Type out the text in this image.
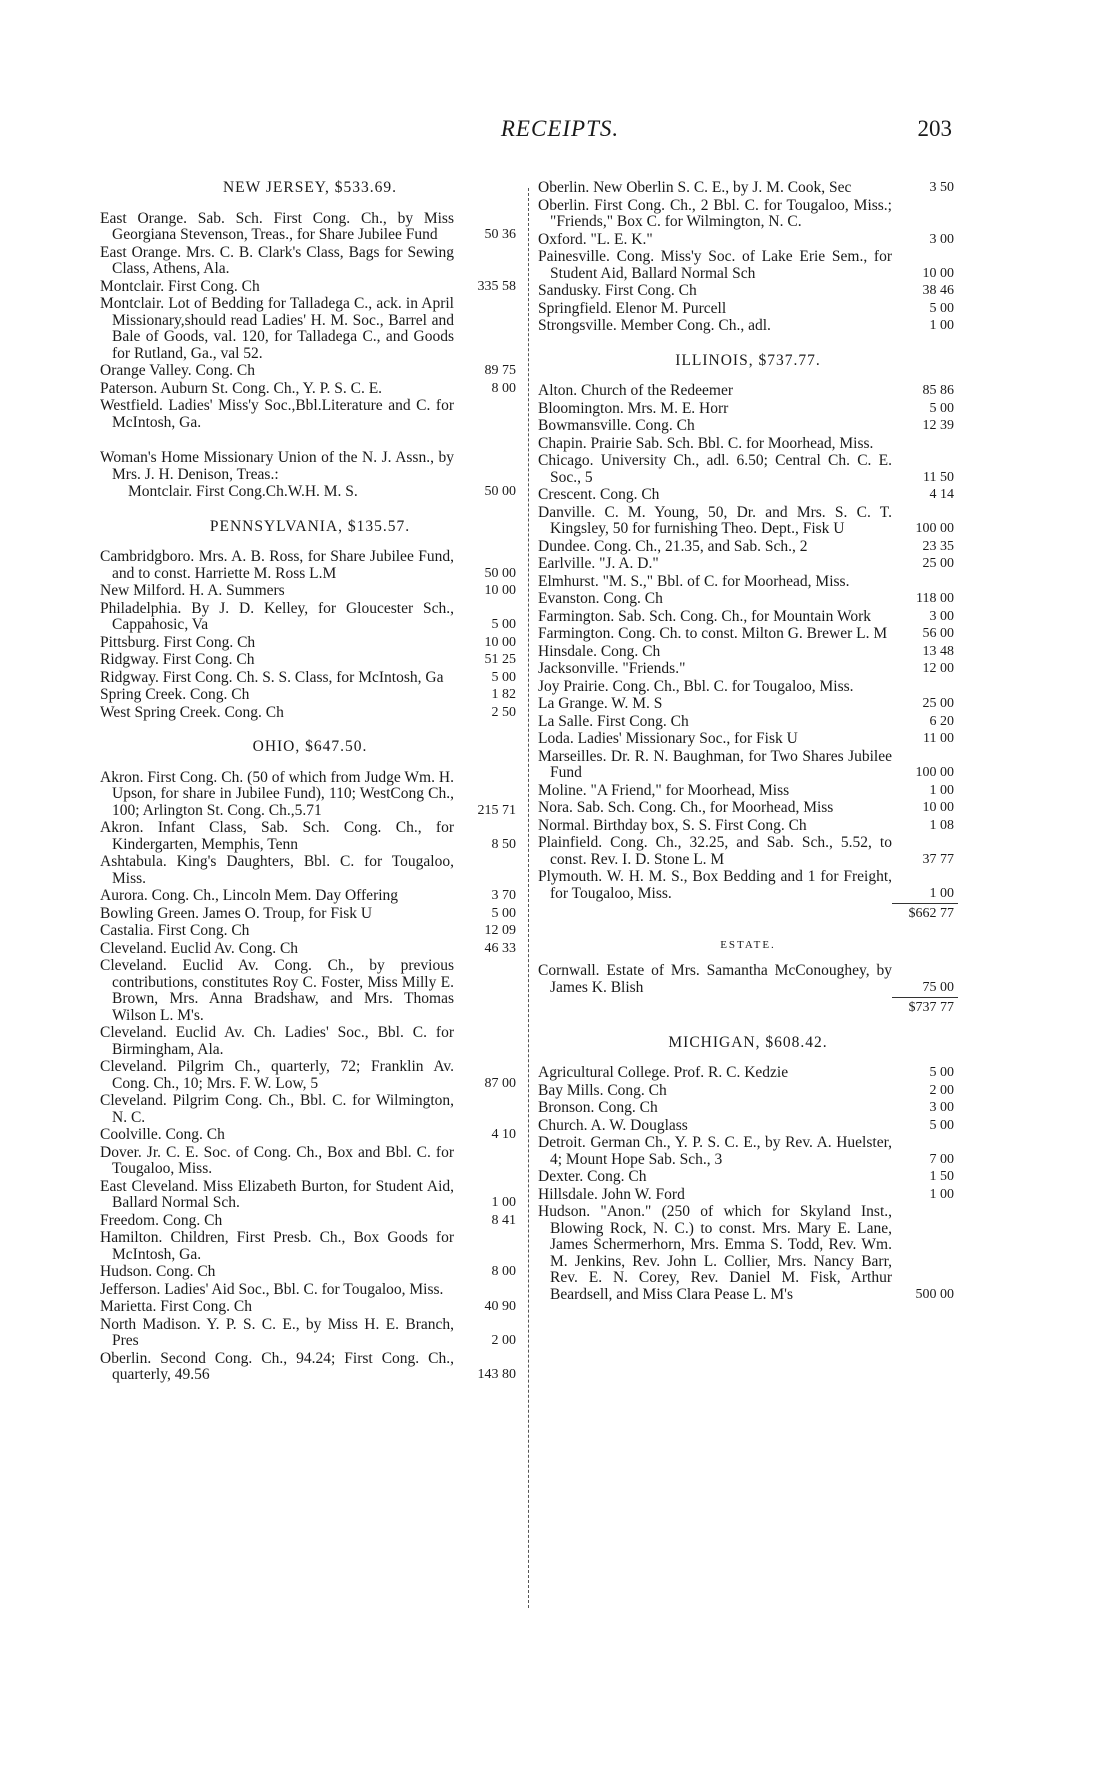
RECEIPTS.	203
NEW JERSEY, $533.69.
East Orange. Sab. Sch. First Cong. Ch., by Miss Georgiana Stevenson, Treas., for Share Jubilee Fund	50 36
East Orange. Mrs. C. B. Clark's Class, Bags for Sewing Class, Athens, Ala.
Montclair. First Cong. Ch	335 58
Montclair. Lot of Bedding for Talladega C., ack. in April Missionary,should read Ladies' H. M. Soc., Barrel and Bale of Goods, val. 120, for Talladega C., and Goods for Rutland, Ga., val 52.
Orange Valley. Cong. Ch	89 75
Paterson. Auburn St. Cong. Ch., Y. P. S. C. E.	8 00
Westfield. Ladies' Miss'y Soc.,Bbl.Literature and C. for McIntosh, Ga.
Woman's Home Missionary Union of the N. J. Assn., by Mrs. J. H. Denison, Treas.:
Montclair. First Cong.Ch.W.H. M. S.	50 00
PENNSYLVANIA, $135.57.
Cambridgboro. Mrs. A. B. Ross, for Share Jubilee Fund, and to const. Harriette M. Ross L.M	50 00
New Milford. H. A. Summers	10 00
Philadelphia. By J. D. Kelley, for Gloucester Sch., Cappahosic, Va	5 00
Pittsburg. First Cong. Ch	10 00
Ridgway. First Cong. Ch	51 25
Ridgway. First Cong. Ch. S. S. Class, for McIntosh, Ga	5 00
Spring Creek. Cong. Ch	1 82
West Spring Creek. Cong. Ch	2 50
OHIO, $647.50.
Akron. First Cong. Ch. (50 of which from Judge Wm. H. Upson, for share in Jubilee Fund), 110; WestCong Ch., 100; Arlington St. Cong. Ch.,5.71	215 71
Akron. Infant Class, Sab. Sch. Cong. Ch., for Kindergarten, Memphis, Tenn	8 50
Ashtabula. King's Daughters, Bbl. C. for Tougaloo, Miss.
Aurora. Cong. Ch., Lincoln Mem. Day Offering	3 70
Bowling Green. James O. Troup, for Fisk U	5 00
Castalia. First Cong. Ch	12 09
Cleveland. Euclid Av. Cong. Ch	46 33
Cleveland. Euclid Av. Cong. Ch., by previous contributions, constitutes Roy C. Foster, Miss Milly E. Brown, Mrs. Anna Bradshaw, and Mrs. Thomas Wilson L. M's.
Cleveland. Euclid Av. Ch. Ladies' Soc., Bbl. C. for Birmingham, Ala.
Cleveland. Pilgrim Ch., quarterly, 72; Franklin Av. Cong. Ch., 10; Mrs. F. W. Low, 5	87 00
Cleveland. Pilgrim Cong. Ch., Bbl. C. for Wilmington, N. C.
Coolville. Cong. Ch	4 10
Dover. Jr. C. E. Soc. of Cong. Ch., Box and Bbl. C. for Tougaloo, Miss.
East Cleveland. Miss Elizabeth Burton, for Student Aid, Ballard Normal Sch.	1 00
Freedom. Cong. Ch	8 41
Hamilton. Children, First Presb. Ch., Box Goods for McIntosh, Ga.
Hudson. Cong. Ch	8 00
Jefferson. Ladies' Aid Soc., Bbl. C. for Tougaloo, Miss.
Marietta. First Cong. Ch	40 90
North Madison. Y. P. S. C. E., by Miss H. E. Branch, Pres	2 00
Oberlin. Second Cong. Ch., 94.24; First Cong. Ch., quarterly, 49.56	143 80
Oberlin. New Oberlin S. C. E., by J. M. Cook, Sec	3 50
Oberlin. First Cong. Ch., 2 Bbl. C. for Tougaloo, Miss.; "Friends," Box C. for Wilmington, N. C.
Oxford. "L. E. K."	3 00
Painesville. Cong. Miss'y Soc. of Lake Erie Sem., for Student Aid, Ballard Normal Sch	10 00
Sandusky. First Cong. Ch	38 46
Springfield. Elenor M. Purcell	5 00
Strongsville. Member Cong. Ch., adl.	1 00
ILLINOIS, $737.77.
Alton. Church of the Redeemer	85 86
Bloomington. Mrs. M. E. Horr	5 00
Bowmansville. Cong. Ch	12 39
Chapin. Prairie Sab. Sch. Bbl. C. for Moorhead, Miss.
Chicago. University Ch., adl. 6.50; Central Ch. C. E. Soc., 5	11 50
Crescent. Cong. Ch	4 14
Danville. C. M. Young, 50, Dr. and Mrs. S. C. T. Kingsley, 50 for furnishing Theo. Dept., Fisk U	100 00
Dundee. Cong. Ch., 21.35, and Sab. Sch., 2	23 35
Earlville. "J. A. D."	25 00
Elmhurst. "M. S.," Bbl. of C. for Moorhead, Miss.
Evanston. Cong. Ch	118 00
Farmington. Sab. Sch. Cong. Ch., for Mountain Work	3 00
Farmington. Cong. Ch. to const. Milton G. Brewer L. M	56 00
Hinsdale. Cong. Ch	13 48
Jacksonville. "Friends."	12 00
Joy Prairie. Cong. Ch., Bbl. C. for Tougaloo, Miss.
La Grange. W. M. S	25 00
La Salle. First Cong. Ch	6 20
Loda. Ladies' Missionary Soc., for Fisk U	11 00
Marseilles. Dr. R. N. Baughman, for Two Shares Jubilee Fund	100 00
Moline. "A Friend," for Moorhead, Miss	1 00
Nora. Sab. Sch. Cong. Ch., for Moorhead, Miss	10 00
Normal. Birthday box, S. S. First Cong. Ch	1 08
Plainfield. Cong. Ch., 32.25, and Sab. Sch., 5.52, to const. Rev. I. D. Stone L. M	37 77
Plymouth. W. H. M. S., Box Bedding and 1 for Freight, for Tougaloo, Miss.	1 00
$662 77
ESTATE.
Cornwall. Estate of Mrs. Samantha McConoughey, by James K. Blish	75 00
$737 77
MICHIGAN, $608.42.
Agricultural College. Prof. R. C. Kedzie	5 00
Bay Mills. Cong. Ch	2 00
Bronson. Cong. Ch	3 00
Church. A. W. Douglass	5 00
Detroit. German Ch., Y. P. S. C. E., by Rev. A. Huelster, 4; Mount Hope Sab. Sch., 3	7 00
Dexter. Cong. Ch	1 50
Hillsdale. John W. Ford	1 00
Hudson. "Anon." (250 of which for Skyland Inst., Blowing Rock, N. C.) to const. Mrs. Mary E. Lane, James Schermerhorn, Mrs. Emma S. Todd, Rev. Wm. M. Jenkins, Rev. John L. Collier, Mrs. Nancy Barr, Rev. E. N. Corey, Rev. Daniel M. Fisk, Arthur Beardsell, and Miss Clara Pease L. M's	500 00
